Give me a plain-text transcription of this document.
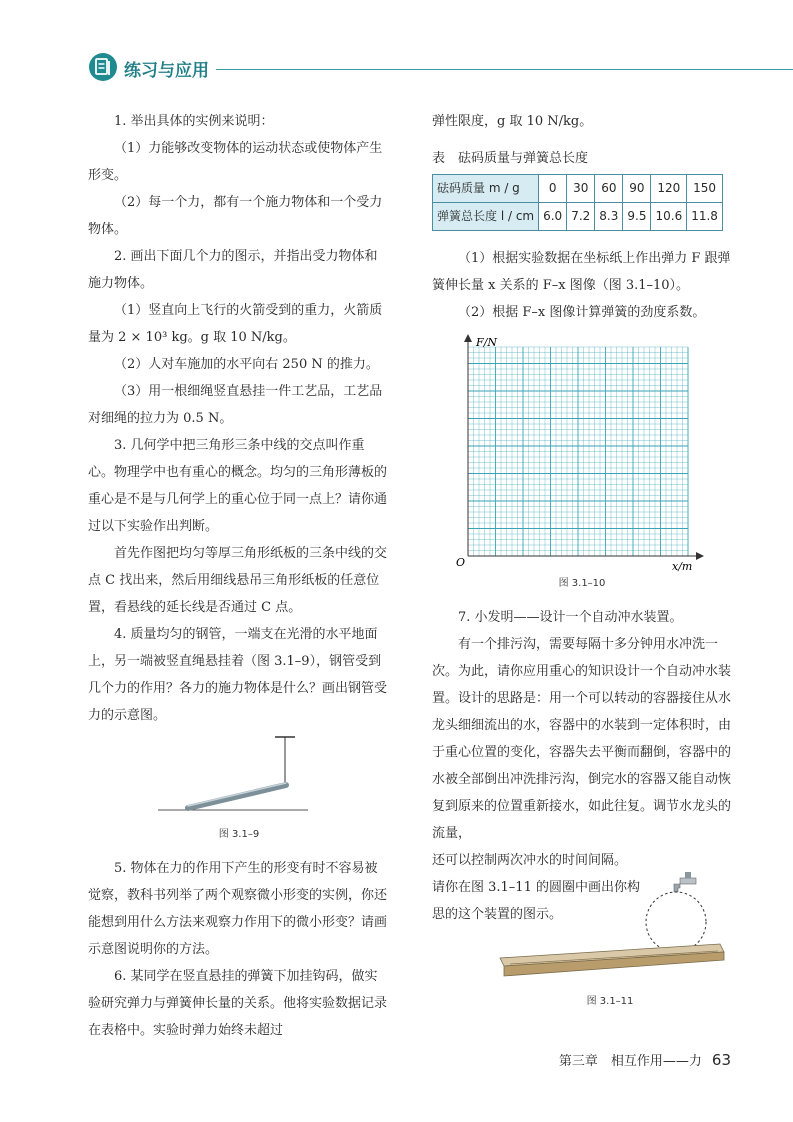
练习与应用

1. 举出具体的实例来说明：

（1）力能够改变物体的运动状态或使物体产生形变。

（2）每一个力，都有一个施力物体和一个受力物体。

2. 画出下面几个力的图示，并指出受力物体和施力物体。

（1）竖直向上飞行的火箭受到的重力，火箭质量为 2 × 10³ kg。g 取 10 N/kg。

（2）人对车施加的水平向右 250 N 的推力。

（3）用一根细绳竖直悬挂一件工艺品，工艺品对细绳的拉力为 0.5 N。

3. 几何学中把三角形三条中线的交点叫作重心。物理学中也有重心的概念。均匀的三角形薄板的重心是不是与几何学上的重心位于同一点上？请你通过以下实验作出判断。

首先作图把均匀等厚三角形纸板的三条中线的交点 C 找出来，然后用细线悬吊三角形纸板的任意位置，看悬线的延长线是否通过 C 点。

4. 质量均匀的钢管，一端支在光滑的水平地面上，另一端被竖直绳悬挂着（图 3.1–9），钢管受到几个力的作用？各力的施力物体是什么？画出钢管受力的示意图。

图 3.1–9

5. 物体在力的作用下产生的形变有时不容易被觉察，教科书列举了两个观察微小形变的实例，你还能想到用什么方法来观察力作用下的微小形变？请画示意图说明你的方法。

6. 某同学在竖直悬挂的弹簧下加挂钩码，做实验研究弹力与弹簧伸长量的关系。他将实验数据记录在表格中。实验时弹力始终未超过

弹性限度，g 取 10 N/kg。

表　砝码质量与弹簧总长度

砝码质量 m / g	0	30	60	90	120	150
弹簧总长度 l / cm	6.0	7.2	8.3	9.5	10.6	11.8

（1）根据实验数据在坐标纸上作出弹力 F 跟弹簧伸长量 x 关系的 F–x 图像（图 3.1–10）。

（2）根据 F–x 图像计算弹簧的劲度系数。

F/N
x/m
O
图 3.1–10

7. 小发明——设计一个自动冲水装置。

有一个排污沟，需要每隔十多分钟用水冲洗一次。为此，请你应用重心的知识设计一个自动冲水装置。设计的思路是：用一个可以转动的容器接住从水龙头细细流出的水，容器中的水装到一定体积时，由于重心位置的变化，容器失去平衡而翻倒，容器中的水被全部倒出冲洗排污沟，倒完水的容器又能自动恢复到原来的位置重新接水，如此往复。调节水龙头的流量，

还可以控制两次冲水的时间间隔。

请你在图 3.1–11 的圆圈中画出你构思的这个装置的图示。

图 3.1–11
第三章　相互作用——力 63
